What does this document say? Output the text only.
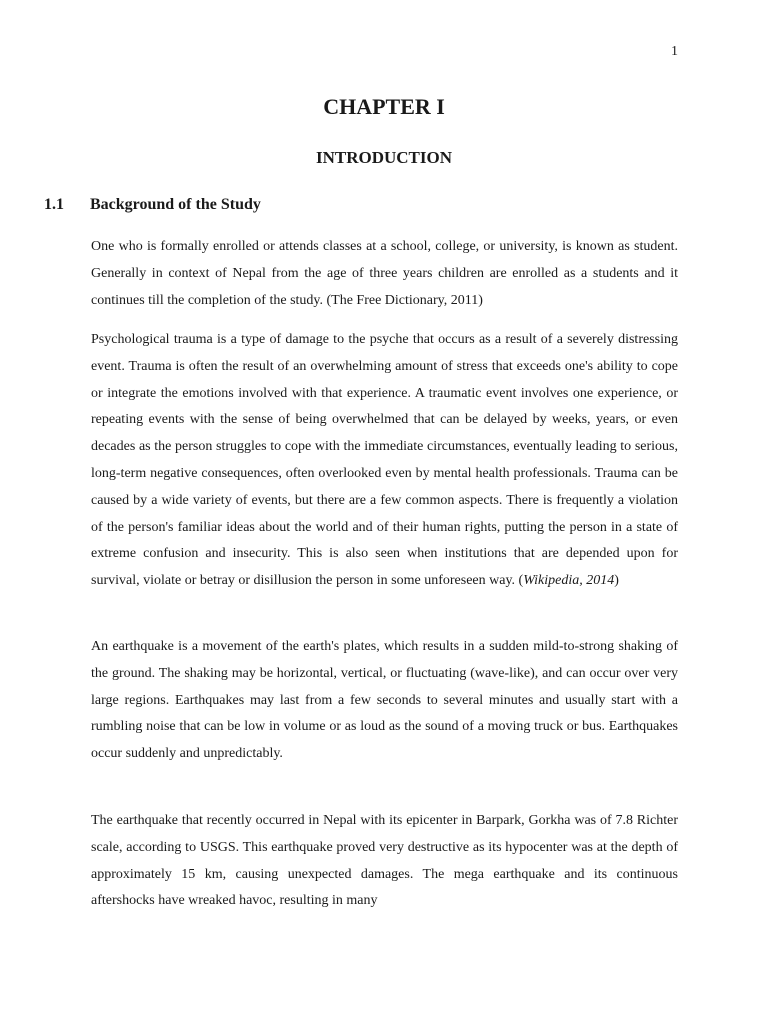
1
CHAPTER I
INTRODUCTION
1.1 Background of the Study

One who is formally enrolled or attends classes at a school, college, or university, is known as student. Generally in context of Nepal from the age of three years children are enrolled as a students and it continues till the completion of the study. (The Free Dictionary, 2011)

Psychological trauma is a type of damage to the psyche that occurs as a result of a severely distressing event. Trauma is often the result of an overwhelming amount of stress that exceeds one's ability to cope or integrate the emotions involved with that experience. A traumatic event involves one experience, or repeating events with the sense of being overwhelmed that can be delayed by weeks, years, or even decades as the person struggles to cope with the immediate circumstances, eventually leading to serious, long-term negative consequences, often overlooked even by mental health professionals. Trauma can be caused by a wide variety of events, but there are a few common aspects. There is frequently a violation of the person's familiar ideas about the world and of their human rights, putting the person in a state of extreme confusion and insecurity. This is also seen when institutions that are depended upon for survival, violate or betray or disillusion the person in some unforeseen way. (Wikipedia, 2014)

An earthquake is a movement of the earth's plates, which results in a sudden mild-to-strong shaking of the ground. The shaking may be horizontal, vertical, or fluctuating (wave-like), and can occur over very large regions. Earthquakes may last from a few seconds to several minutes and usually start with a rumbling noise that can be low in volume or as loud as the sound of a moving truck or bus. Earthquakes occur suddenly and unpredictably.

The earthquake that recently occurred in Nepal with its epicenter in Barpark, Gorkha was of 7.8 Richter scale, according to USGS. This earthquake proved very destructive as its hypocenter was at the depth of approximately 15 km, causing unexpected damages. The mega earthquake and its continuous aftershocks have wreaked havoc, resulting in many
